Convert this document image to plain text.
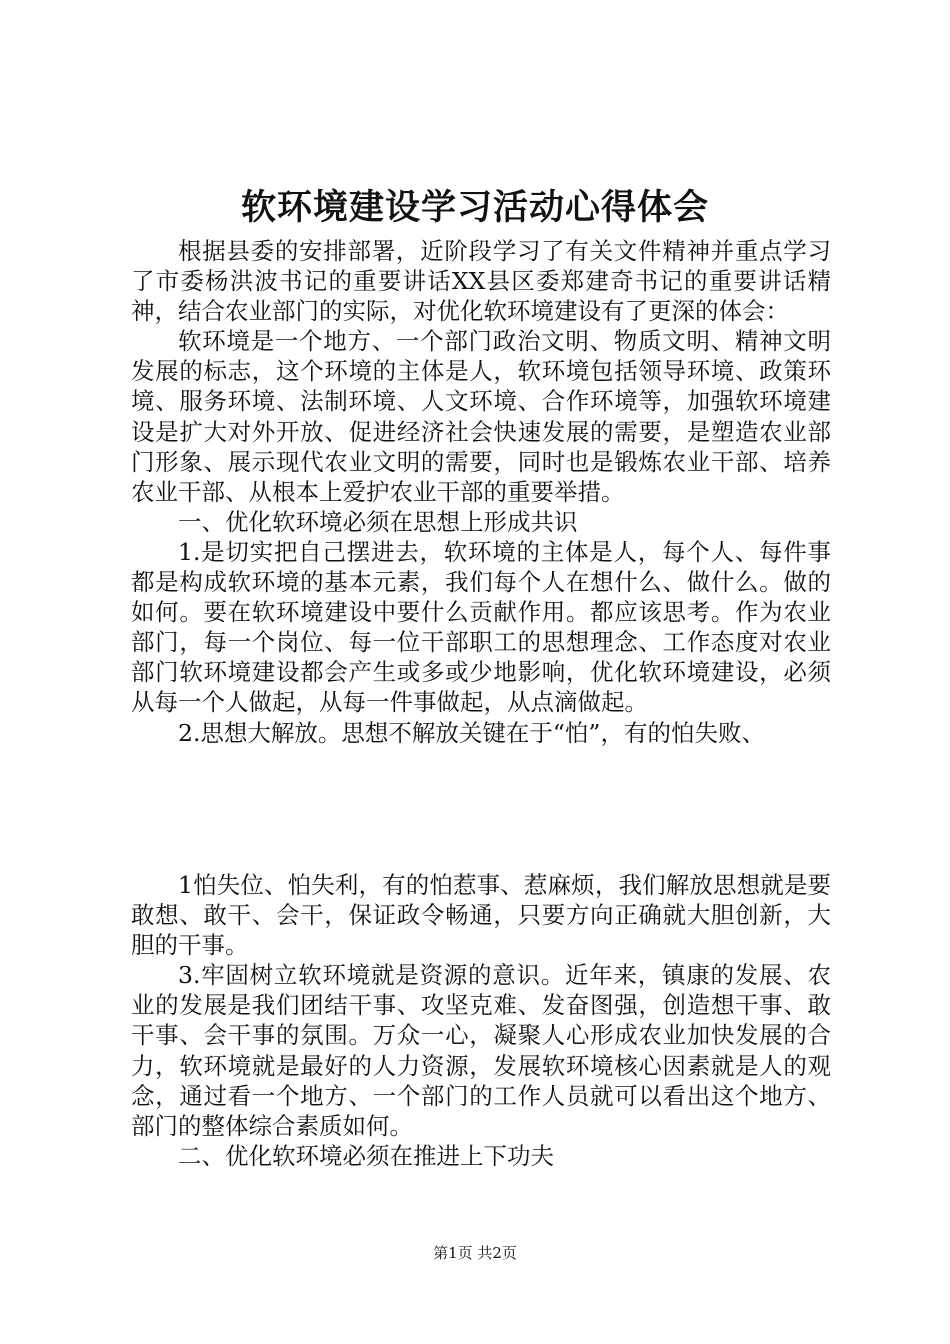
软环境建设学习活动心得体会

根据县委的安排部署，近阶段学习了有关文件精神并重点学习了市委杨洪波书记的重要讲话XX县区委郑建奇书记的重要讲话精神，结合农业部门的实际，对优化软环境建设有了更深的体会：

软环境是一个地方、一个部门政治文明、物质文明、精神文明发展的标志，这个环境的主体是人，软环境包括领导环境、政策环境、服务环境、法制环境、人文环境、合作环境等，加强软环境建设是扩大对外开放、促进经济社会快速发展的需要，是塑造农业部门形象、展示现代农业文明的需要，同时也是锻炼农业干部、培养农业干部、从根本上爱护农业干部的重要举措。

一、优化软环境必须在思想上形成共识

1.是切实把自己摆进去，软环境的主体是人，每个人、每件事都是构成软环境的基本元素，我们每个人在想什么、做什么。做的如何。要在软环境建设中要什么贡献作用。都应该思考。作为农业部门，每一个岗位、每一位干部职工的思想理念、工作态度对农业部门软环境建设都会产生或多或少地影响，优化软环境建设，必须从每一个人做起，从每一件事做起，从点滴做起。

2.思想大解放。思想不解放关键在于“怕”，有的怕失败、

1怕失位、怕失利，有的怕惹事、惹麻烦，我们解放思想就是要敢想、敢干、会干，保证政令畅通，只要方向正确就大胆创新，大胆的干事。

3.牢固树立软环境就是资源的意识。近年来，镇康的发展、农业的发展是我们团结干事、攻坚克难、发奋图强，创造想干事、敢干事、会干事的氛围。万众一心，凝聚人心形成农业加快发展的合力，软环境就是最好的人力资源，发展软环境核心因素就是人的观念，通过看一个地方、一个部门的工作人员就可以看出这个地方、部门的整体综合素质如何。

二、优化软环境必须在推进上下功夫

第1页 共2页
